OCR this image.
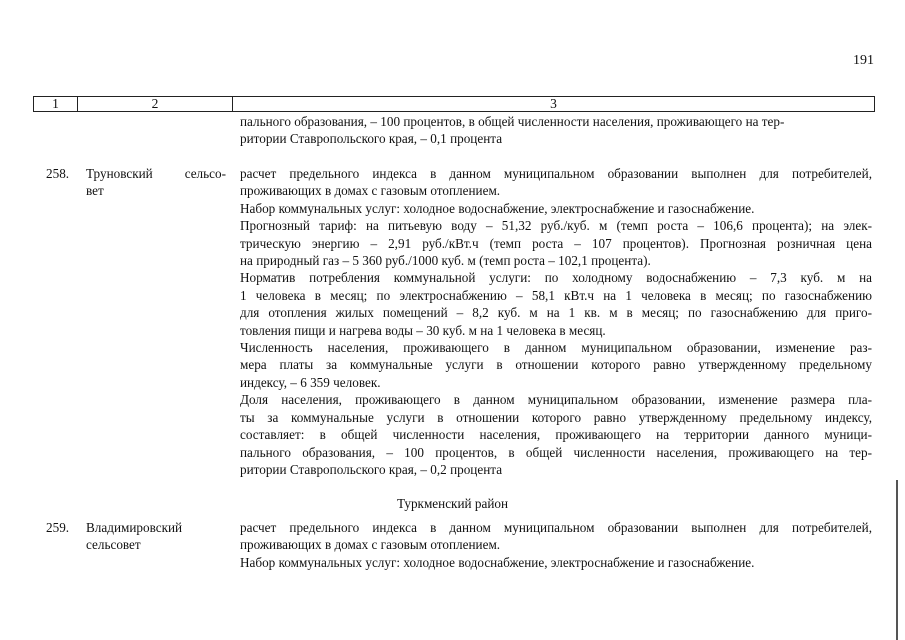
191
1	2	3
пального образования, – 100 процентов, в общей численности населения, проживающего на тер-
ритории Ставропольского края, – 0,1 процента
258. Труновский сельсо-
вет
расчет предельного индекса в данном муниципальном образовании выполнен для потребителей,
проживающих в домах с газовым отоплением.
Набор коммунальных услуг: холодное водоснабжение, электроснабжение и газоснабжение.
Прогнозный тариф: на питьевую воду – 51,32 руб./куб. м (темп роста – 106,6 процента); на элек-
трическую энергию – 2,91 руб./кВт.ч (темп роста – 107 процентов). Прогнозная розничная цена
на природный газ – 5 360 руб./1000 куб. м (темп роста – 102,1 процента).
Норматив потребления коммунальной услуги: по холодному водоснабжению – 7,3 куб. м на
1 человека в месяц; по электроснабжению – 58,1 кВт.ч на 1 человека в месяц; по газоснабжению
для отопления жилых помещений – 8,2 куб. м на 1 кв. м в месяц; по газоснабжению для приго-
товления пищи и нагрева воды – 30 куб. м на 1 человека в месяц.
Численность населения, проживающего в данном муниципальном образовании, изменение раз-
мера платы за коммунальные услуги в отношении которого равно утвержденному предельному
индексу, – 6 359 человек.
Доля населения, проживающего в данном муниципальном образовании, изменение размера пла-
ты за коммунальные услуги в отношении которого равно утвержденному предельному индексу,
составляет: в общей численности населения, проживающего на территории данного муници-
пального образования, – 100 процентов, в общей численности населения, проживающего на тер-
ритории Ставропольского края, – 0,2 процента
Туркменский район
259. Владимировский
сельсовет
расчет предельного индекса в данном муниципальном образовании выполнен для потребителей,
проживающих в домах с газовым отоплением.
Набор коммунальных услуг: холодное водоснабжение, электроснабжение и газоснабжение.
